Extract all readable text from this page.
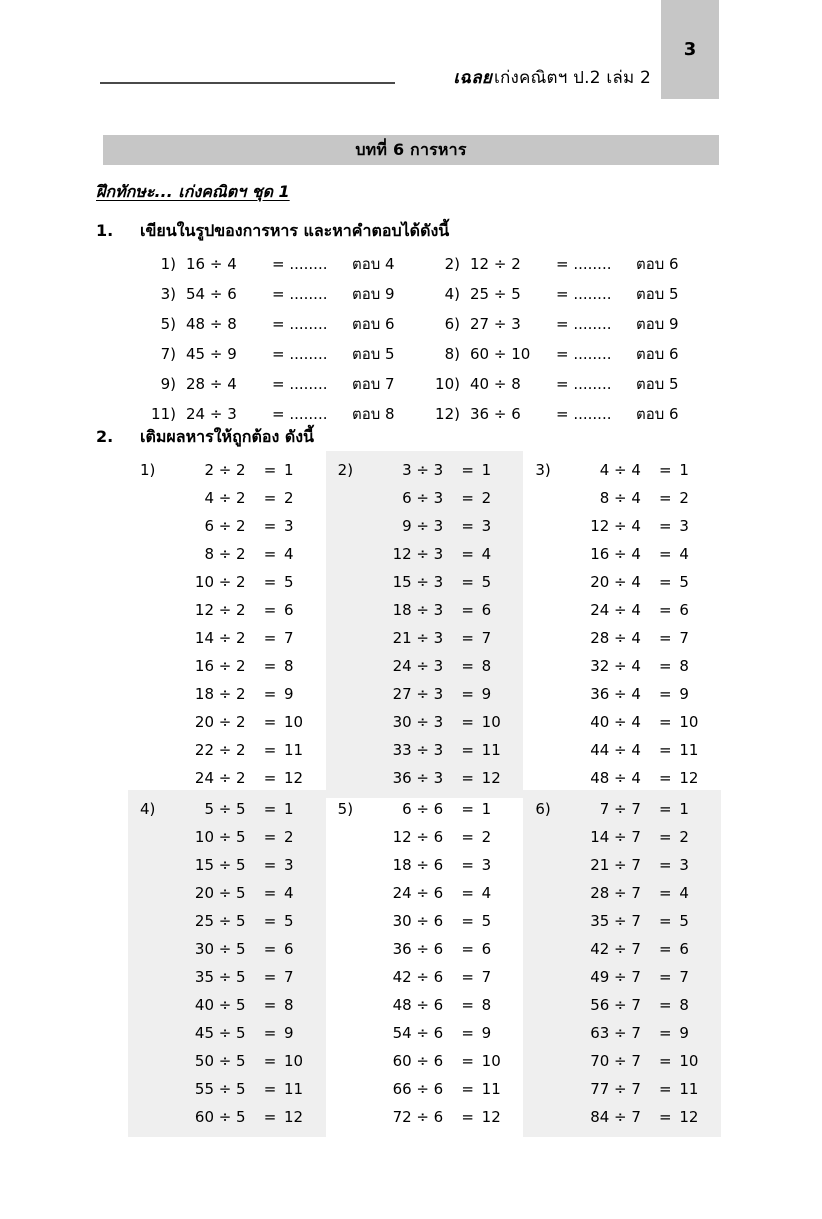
เฉลย เก่งคณิตฯ ป.2 เล่ม 2
3
บทที่ 6 การหาร
ฝึกทักษะ... เก่งคณิตฯ ชุด 1
1.	เขียนในรูปของการหาร และหาคำตอบได้ดังนี้
1) 16 ÷ 4	= ........	ตอบ 4	2) 12 ÷ 2	= ........	ตอบ 6
3) 54 ÷ 6	= ........	ตอบ 9	4) 25 ÷ 5	= ........	ตอบ 5
5) 48 ÷ 8	= ........	ตอบ 6	6) 27 ÷ 3	= ........	ตอบ 9
7) 45 ÷ 9	= ........	ตอบ 5	8) 60 ÷ 10	= ........	ตอบ 6
9) 28 ÷ 4	= ........	ตอบ 7	10) 40 ÷ 8	= ........	ตอบ 5
11) 24 ÷ 3	= ........	ตอบ 8	12) 36 ÷ 6	= ........	ตอบ 6
2.	เติมผลหารให้ถูกต้อง ดังนี้
1)	2 ÷ 2	= 1
4 ÷ 2	= 2
6 ÷ 2	= 3
8 ÷ 2	= 4
10 ÷ 2	= 5
12 ÷ 2	= 6
14 ÷ 2	= 7
16 ÷ 2	= 8
18 ÷ 2	= 9
20 ÷ 2	= 10
22 ÷ 2	= 11
24 ÷ 2	= 12
2)	3 ÷ 3	= 1
6 ÷ 3	= 2
9 ÷ 3	= 3
12 ÷ 3	= 4
15 ÷ 3	= 5
18 ÷ 3	= 6
21 ÷ 3	= 7
24 ÷ 3	= 8
27 ÷ 3	= 9
30 ÷ 3	= 10
33 ÷ 3	= 11
36 ÷ 3	= 12
3)	4 ÷ 4	= 1
8 ÷ 4	= 2
12 ÷ 4	= 3
16 ÷ 4	= 4
20 ÷ 4	= 5
24 ÷ 4	= 6
28 ÷ 4	= 7
32 ÷ 4	= 8
36 ÷ 4	= 9
40 ÷ 4	= 10
44 ÷ 4	= 11
48 ÷ 4	= 12
4)	5 ÷ 5	= 1
10 ÷ 5	= 2
15 ÷ 5	= 3
20 ÷ 5	= 4
25 ÷ 5	= 5
30 ÷ 5	= 6
35 ÷ 5	= 7
40 ÷ 5	= 8
45 ÷ 5	= 9
50 ÷ 5	= 10
55 ÷ 5	= 11
60 ÷ 5	= 12
5)	6 ÷ 6	= 1
12 ÷ 6	= 2
18 ÷ 6	= 3
24 ÷ 6	= 4
30 ÷ 6	= 5
36 ÷ 6	= 6
42 ÷ 6	= 7
48 ÷ 6	= 8
54 ÷ 6	= 9
60 ÷ 6	= 10
66 ÷ 6	= 11
72 ÷ 6	= 12
6)	7 ÷ 7	= 1
14 ÷ 7	= 2
21 ÷ 7	= 3
28 ÷ 7	= 4
35 ÷ 7	= 5
42 ÷ 7	= 6
49 ÷ 7	= 7
56 ÷ 7	= 8
63 ÷ 7	= 9
70 ÷ 7	= 10
77 ÷ 7	= 11
84 ÷ 7	= 12
